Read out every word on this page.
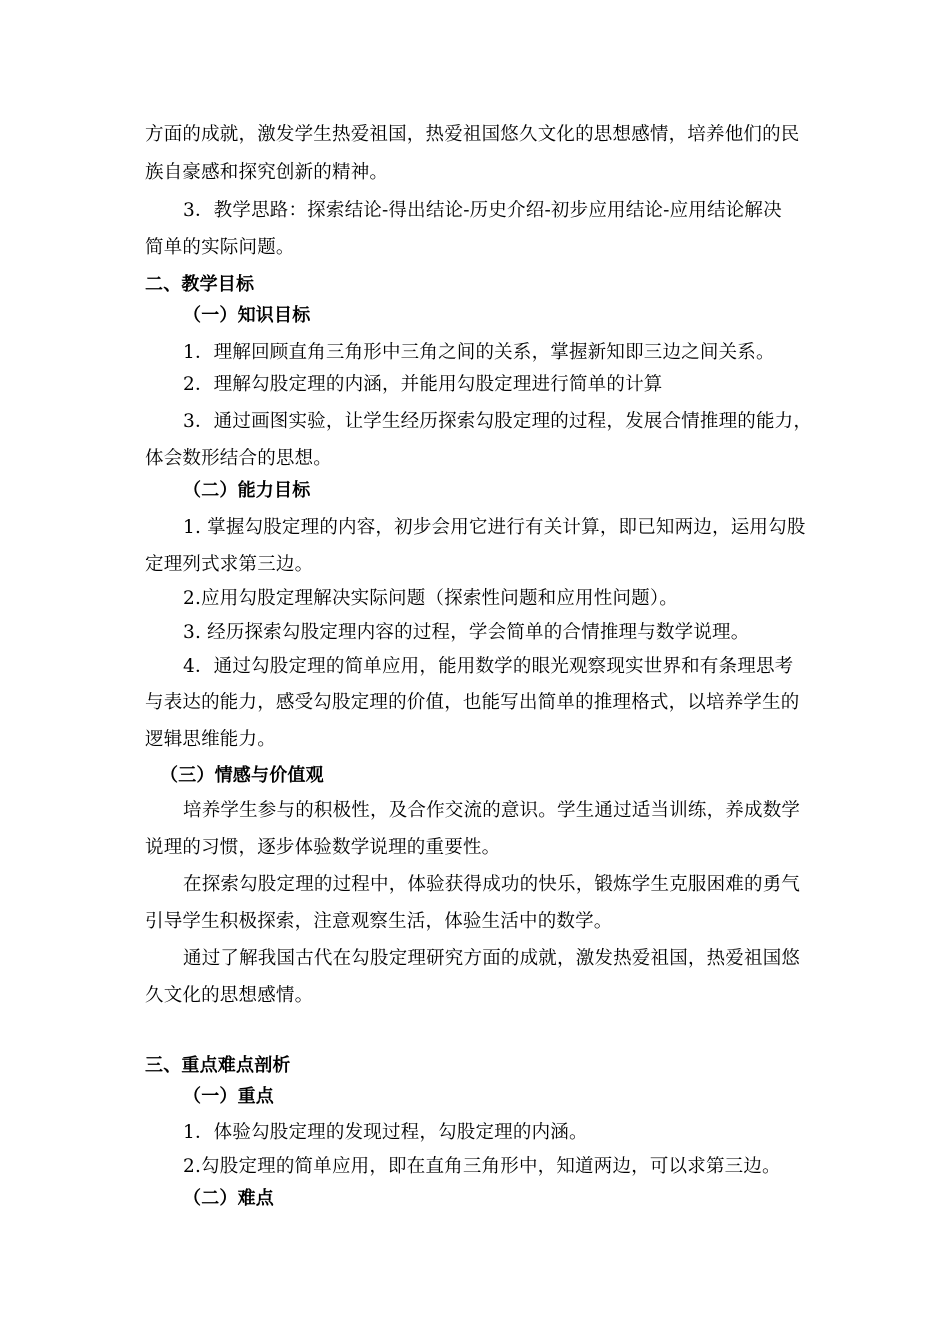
方面的成就，激发学生热爱祖国，热爱祖国悠久文化的思想感情，培养他们的民
族自豪感和探究创新的精神。
3．教学思路：探索结论-得出结论-历史介绍-初步应用结论-应用结论解决
简单的实际问题。
二、教学目标
（一）知识目标
1．理解回顾直角三角形中三角之间的关系，掌握新知即三边之间关系。
2．理解勾股定理的内涵，并能用勾股定理进行简单的计算
3．通过画图实验，让学生经历探索勾股定理的过程，发展合情推理的能力，
体会数形结合的思想。
（二）能力目标
1. 掌握勾股定理的内容，初步会用它进行有关计算，即已知两边，运用勾股
定理列式求第三边。
2.应用勾股定理解决实际问题（探索性问题和应用性问题）。
3. 经历探索勾股定理内容的过程，学会简单的合情推理与数学说理。
4．通过勾股定理的简单应用，能用数学的眼光观察现实世界和有条理思考
与表达的能力，感受勾股定理的价值，也能写出简单的推理格式，以培养学生的
逻辑思维能力。
（三）情感与价值观
培养学生参与的积极性，及合作交流的意识。学生通过适当训练，养成数学
说理的习惯，逐步体验数学说理的重要性。
在探索勾股定理的过程中，体验获得成功的快乐，锻炼学生克服困难的勇气
引导学生积极探索，注意观察生活，体验生活中的数学。
通过了解我国古代在勾股定理研究方面的成就，激发热爱祖国，热爱祖国悠
久文化的思想感情。
三、重点难点剖析
（一）重点
1．体验勾股定理的发现过程，勾股定理的内涵。
2.勾股定理的简单应用，即在直角三角形中，知道两边，可以求第三边。
（二）难点
